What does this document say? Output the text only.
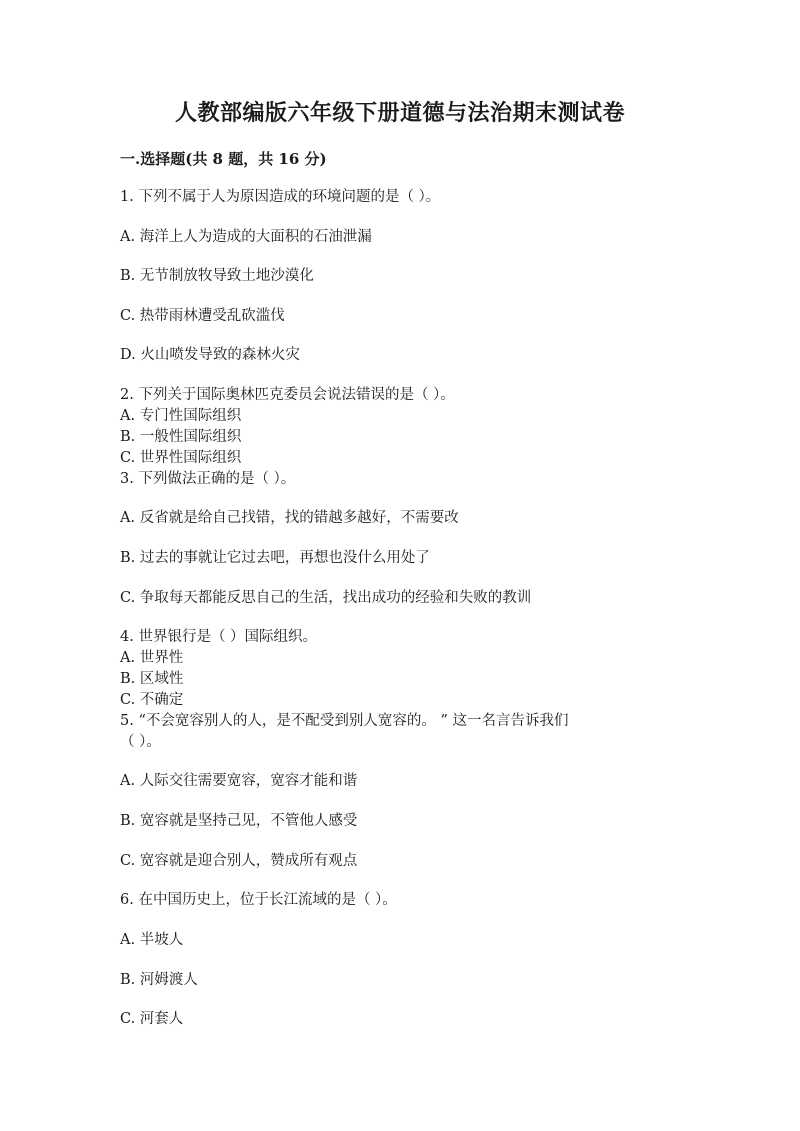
人教部编版六年级下册道德与法治期末测试卷
一.选择题(共 8 题，共 16 分)
1. 下列不属于人为原因造成的环境问题的是（ ）。
A. 海洋上人为造成的大面积的石油泄漏
B. 无节制放牧导致土地沙漠化
C. 热带雨林遭受乱砍滥伐
D. 火山喷发导致的森林火灾
2. 下列关于国际奥林匹克委员会说法错误的是（ ）。
A. 专门性国际组织
B. 一般性国际组织
C. 世界性国际组织
3. 下列做法正确的是（ ）。
A. 反省就是给自己找错，找的错越多越好，不需要改
B. 过去的事就让它过去吧，再想也没什么用处了
C. 争取每天都能反思自己的生活，找出成功的经验和失败的教训
4. 世界银行是（ ）国际组织。
A. 世界性
B. 区域性
C. 不确定
5. “不会宽容别人的人，是不配受到别人宽容的。 ” 这一名言告诉我们
（ ）。
A. 人际交往需要宽容，宽容才能和谐
B. 宽容就是坚持己见，不管他人感受
C. 宽容就是迎合别人，赞成所有观点
6. 在中国历史上，位于长江流域的是（ ）。
A. 半坡人
B. 河姆渡人
C. 河套人
